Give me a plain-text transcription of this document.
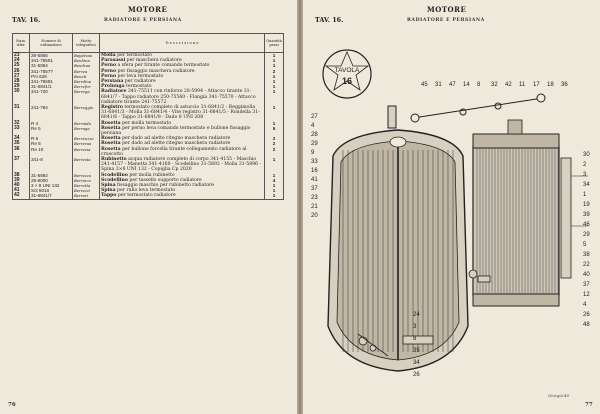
MOTORE
TAV. 16.	RADIATORE E PERSIANA
Num. rifer.	Numero di ordinazione	Motto telegrafico	D e s c r i z i o n e	Quantità pezzi
23	28-5856	Baydessa	Molla per termostato	1
24	341-75561	Benbina	Parasassi per maschera radiatore	1
25	31-5864	Bendraa	Perno a sfera per tirante comando termostato	1
26	341-75577	Berrea	Perno per fissaggio maschera radiatore	2
27	Pm 628	Beneti	Perno per leva termostato	1
28	341-75581	Berrdina	Persiana per radiatore	1
29	31-6841/1	Berrefor	Prolunga termostato	1
30	341-720	Berrega	Radiatore 341-75511 con rinforzo 28-5994 - Attacco tirante 31-6841/7 - Tappo radiatore 250-75560 - Flangia 341-75570 - Attacco radiatore tirante 241-75572	1
31	241-784	Berreggio	Registro termostato completo di astuccio 31-6841/2 - Reggimolla 31-6841/3 - Molla 31-6841/4 - Vite registro 31-6841/5 - Rondella 31-6841/6 - Tappo 31-6841/8 - Dado 8 UNI 208	1
32	R 4	Berraida	Rosetta per molla termostato	1
33	Re 5	Berraga	Rosetta per perno leva comando termostato e bullone fissaggio persiana	5
34	R 6	Berrenzze	Rosetta per dado ad alette ritegno maschera radiatore	2
35	Re 6	Berreraa	Rosetta per dado ad alette ritegno maschera radiatore	2
36	Re 10	Berresia	Rosetta per bullone forcella tirante collegamento radiatore al cruscotto	2
37	341-8	Berresta	Rubinetto acqua radiatore completo di corpo 341-4155 - Maschio 241-4157 - Manetta 341-4160 - Scodellino 31-5892 - Molla 31-5896 - Spina 3×8 UNI 132 - Copiglia Cp 2020	1
38	31-5892	Berrezzo	Scodellino per molla rubinetto	1
39	28-6000	Berrinco	Scodellino per tassello supporto radiatore	4
40	3 × 8 UNI 132	Berretta	Spina fissaggio maschio per rubinetto radiatore	1
41	Sct 5010	Berrezzi	Spina per rullo leva termostato	1
42	31-6841/7	Berrari	Tappo per termostato radiatore	1
76
MOTORE
TAV. 16.	RADIATORE E PERSIANA
TAVOLA
16
27
4
28
29
9
33
16
41
37
23
21
20
45 31 47 14 8 32 42 11 17 18 36
30
2
3
34
1
19
39
46
29
5
38
22
40
37
12
4
26
48
24
3
8
35
34
26
Giorgio'40
77
